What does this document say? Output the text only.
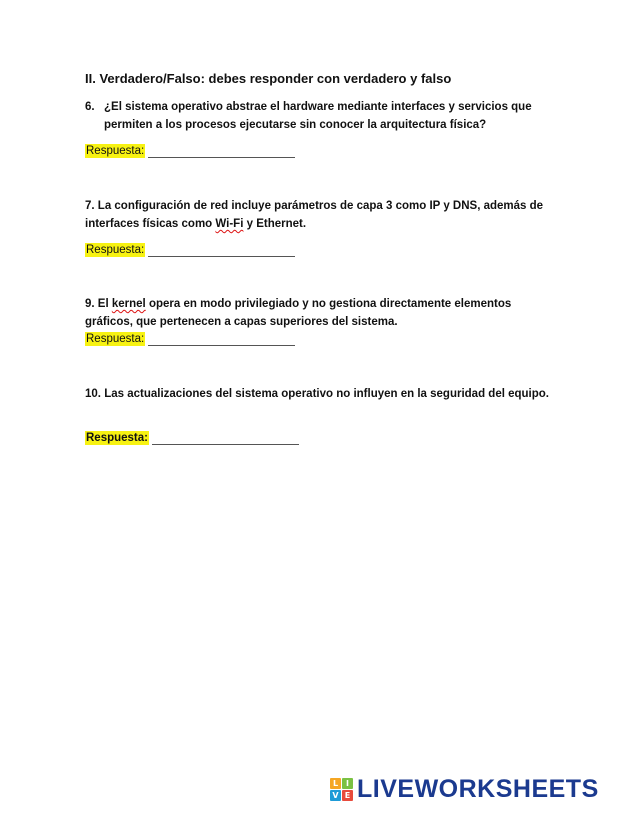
II. Verdadero/Falso: debes responder con verdadero y falso
6. ¿El sistema operativo abstrae el hardware mediante interfaces y servicios que permiten a los procesos ejecutarse sin conocer la arquitectura física?
Respuesta:
7. La configuración de red incluye parámetros de capa 3 como IP y DNS, además de interfaces físicas como Wi-Fi y Ethernet.
Respuesta:
9. El kernel opera en modo privilegiado y no gestiona directamente elementos gráficos, que pertenecen a capas superiores del sistema.
Respuesta:
10. Las actualizaciones del sistema operativo no influyen en la seguridad del equipo.
Respuesta:
L I
V E LIVEWORKSHEETS
